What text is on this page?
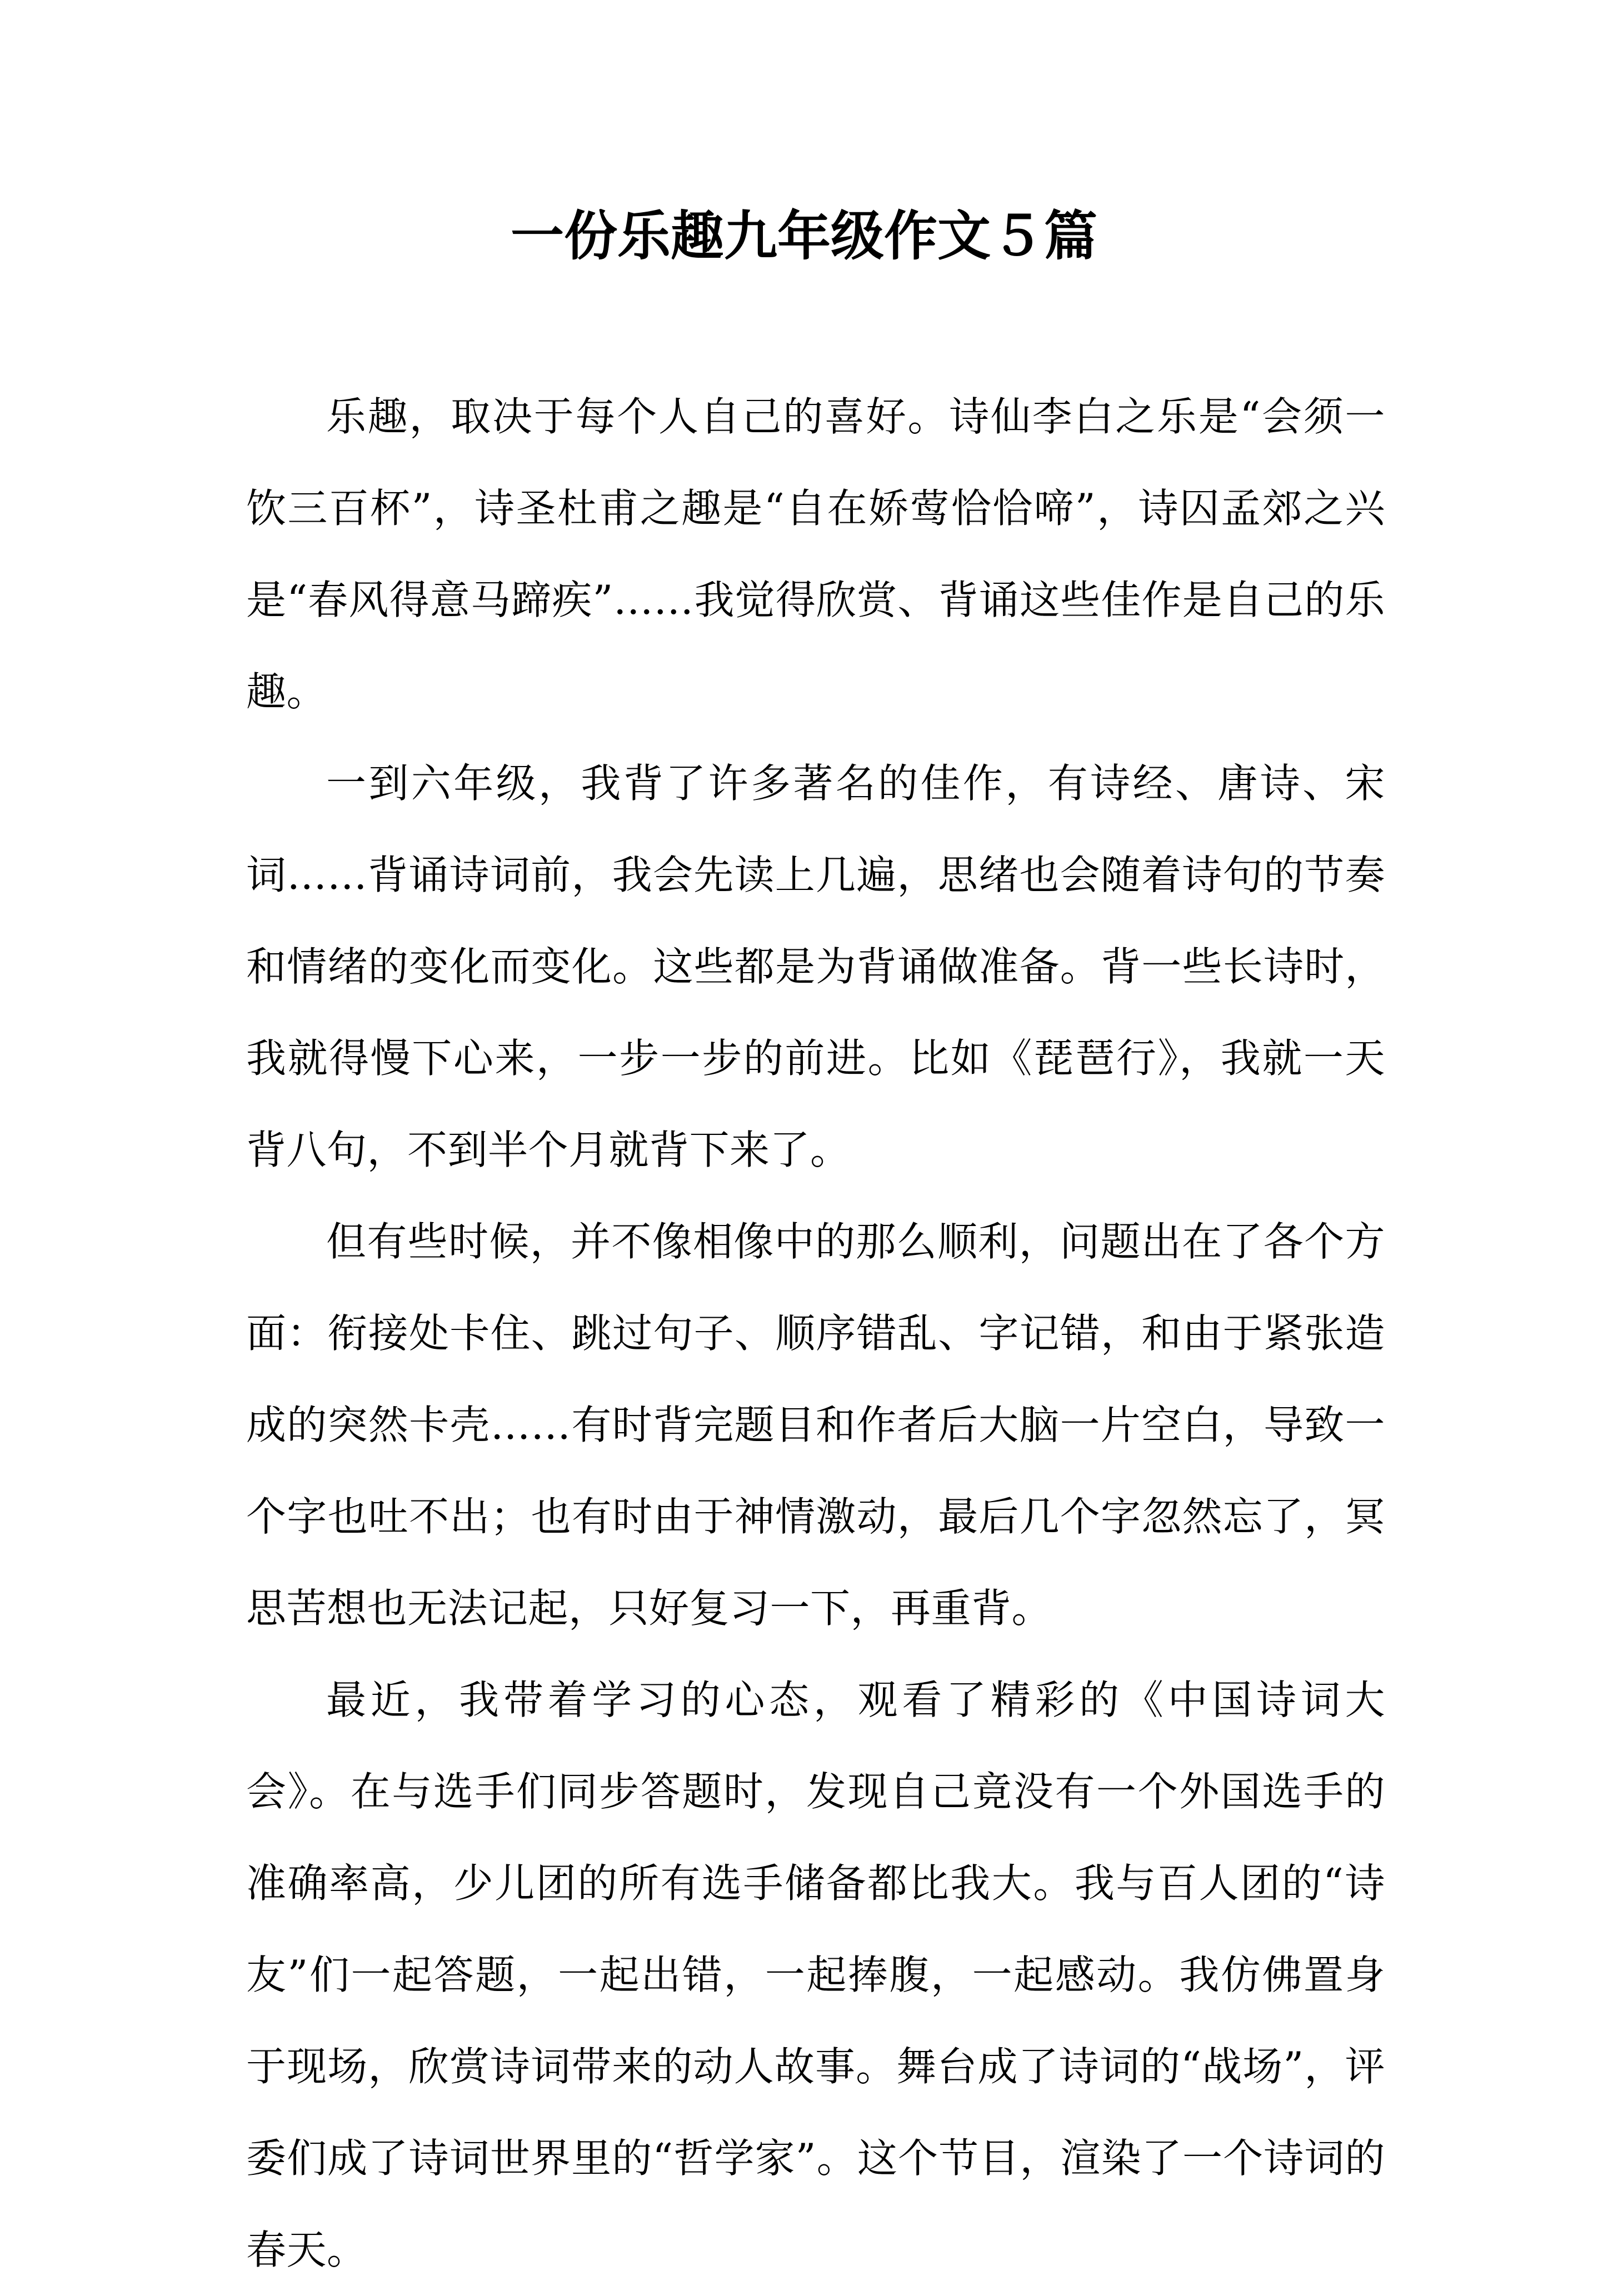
一份乐趣九年级作文５篇

乐趣，取决于每个人自己的喜好。诗仙李白之乐是“会须一饮三百杯”，诗圣杜甫之趣是“自在娇莺恰恰啼”，诗囚孟郊之兴是“春风得意马蹄疾”……我觉得欣赏、背诵这些佳作是自己的乐趣。

一到六年级，我背了许多著名的佳作，有诗经、唐诗、宋词……背诵诗词前，我会先读上几遍，思绪也会随着诗句的节奏和情绪的变化而变化。这些都是为背诵做准备。背一些长诗时，我就得慢下心来，一步一步的前进。比如《琵琶行》，我就一天背八句，不到半个月就背下来了。

但有些时候，并不像相像中的那么顺利，问题出在了各个方面：衔接处卡住、跳过句子、顺序错乱、字记错，和由于紧张造成的突然卡壳……有时背完题目和作者后大脑一片空白，导致一个字也吐不出；也有时由于神情激动，最后几个字忽然忘了，冥思苦想也无法记起，只好复习一下，再重背。

最近，我带着学习的心态，观看了精彩的《中国诗词大会》。在与选手们同步答题时，发现自己竟没有一个外国选手的准确率高，少儿团的所有选手储备都比我大。我与百人团的“诗友”们一起答题，一起出错，一起捧腹，一起感动。我仿佛置身于现场，欣赏诗词带来的动人故事。舞台成了诗词的“战场”，评委们成了诗词世界里的“哲学家”。这个节目，渲染了一个诗词的春天。
